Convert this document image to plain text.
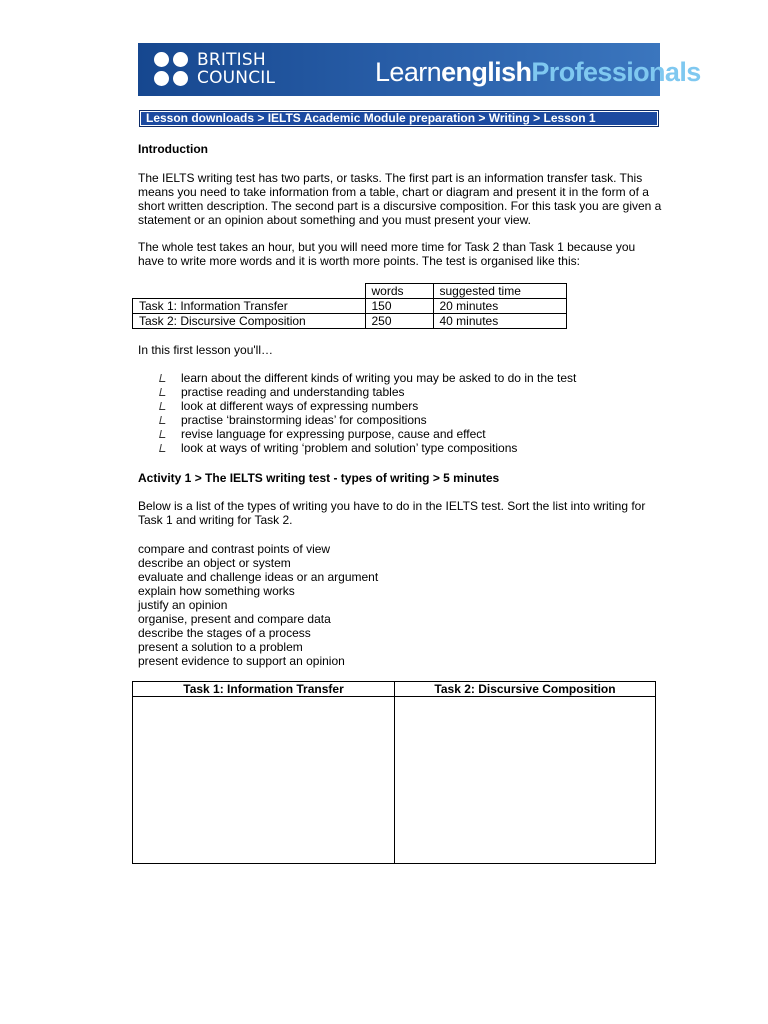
BRITISH
COUNCIL	LearnenglishProfessionals
Lesson downloads > IELTS Academic Module preparation > Writing > Lesson 1
Introduction
The IELTS writing test has two parts, or tasks. The first part is an information transfer task. This
means you need to take information from a table, chart or diagram and present it in the form of a
short written description. The second part is a discursive composition. For this task you are given a
statement or an opinion about something and you must present your view.
The whole test takes an hour, but you will need more time for Task 2 than Task 1 because you
have to write more words and it is worth more points. The test is organised like this:
	words	suggested time
Task 1: Information Transfer	150	20 minutes
Task 2: Discursive Composition	250	40 minutes
In this first lesson you'll…
learn about the different kinds of writing you may be asked to do in the test
practise reading and understanding tables
look at different ways of expressing numbers
practise ‘brainstorming ideas’ for compositions
revise language for expressing purpose, cause and effect
look at ways of writing ‘problem and solution’ type compositions
Activity 1 > The IELTS writing test - types of writing > 5 minutes
Below is a list of the types of writing you have to do in the IELTS test. Sort the list into writing for
Task 1 and writing for Task 2.
compare and contrast points of view
describe an object or system
evaluate and challenge ideas or an argument
explain how something works
justify an opinion
organise, present and compare data
describe the stages of a process
present a solution to a problem
present evidence to support an opinion
Task 1: Information Transfer	Task 2: Discursive Composition
